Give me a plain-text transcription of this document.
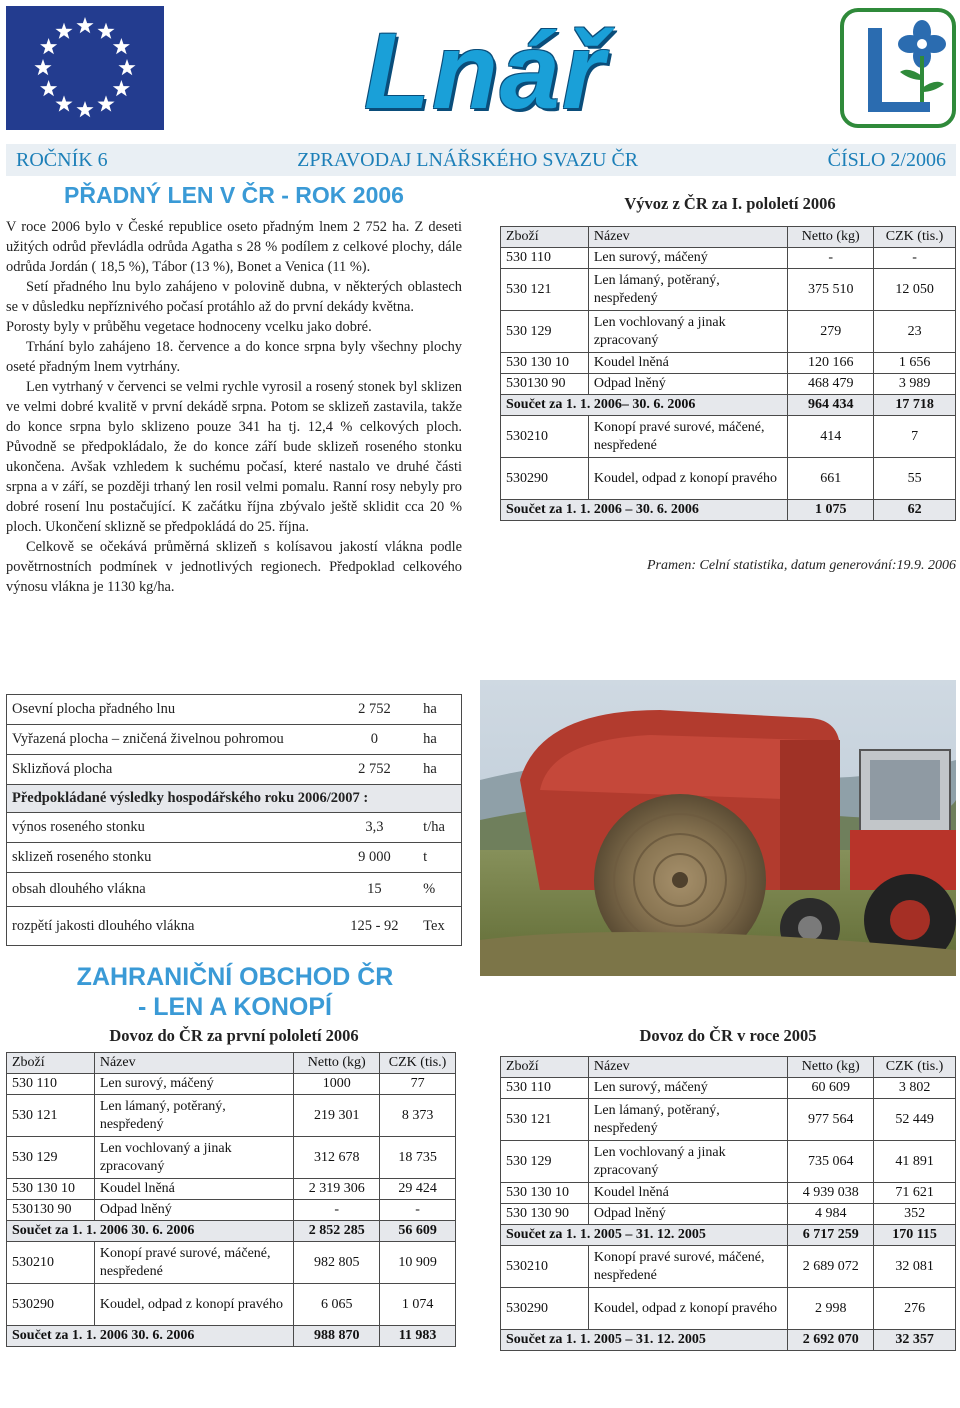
Lnář
ROČNÍK 6	ZPRAVODAJ LNÁŘSKÉHO SVAZU ČR	ČÍSLO 2/2006
PŘADNÝ LEN V ČR - ROK 2006

V roce 2006 bylo v České republice oseto přadným lnem 2 752 ha. Z deseti užitých odrůd převládla odrůda Agatha s 28 % podílem z celkové plochy, dále odrůda Jordán ( 18,5 %), Tábor (13 %), Bonet a Venica (11 %).

Setí přadného lnu bylo zahájeno v polovině dubna, v některých oblastech se v důsledku nepříznivého počasí protáhlo až do první dekády května.

Porosty byly v průběhu vegetace hodnoceny vcelku jako dobré.

Trhání bylo zahájeno 18. července a do konce srpna byly všechny plochy oseté přadným lnem vytrhány.

Len vytrhaný v červenci se velmi rychle vyrosil a rosený stonek byl sklizen ve velmi dobré kvalitě v první dekádě srpna. Potom se sklizeň zastavila, takže do konce srpna bylo sklizeno pouze 341 ha tj. 12,4 % celkových ploch. Původně se předpokládalo, že do konce září bude sklizeň roseného stonku ukončena. Avšak vzhledem k suchému počasí, které nastalo ve druhé části srpna a v září, se později trhaný len rosil velmi pomalu. Ranní rosy nebyly pro dobré rosení lnu postačující. K začátku října zbývalo ještě sklidit cca 20 % ploch. Ukončení sklizně se předpokládá do 25. října.

Celkově se očekává průměrná sklizeň s kolísavou jakostí vlákna podle povětrnostních podmínek v jednotlivých regionech. Předpoklad celkového výnosu vlákna je 1130 kg/ha.

Vývoz z ČR za I. pololetí 2006
Zboží	Název	Netto (kg)	CZK (tis.)
530 110	Len surový, máčený	-	-
530 121	Len lámaný, potěraný, nespředený	375 510	12 050
530 129	Len vochlovaný a jinak zpracovaný	279	23
530 130 10	Koudel lněná	120 166	1 656
530130 90	Odpad lněný	468 479	3 989
Součet za 1. 1. 2006– 30. 6. 2006		964 434	17 718
530210	Konopí pravé surové, máčené, nespředené	414	7
530290	Koudel, odpad z konopí pravého	661	55
Součet za 1. 1. 2006 – 30. 6. 2006		1 075	62
Pramen: Celní statistika, datum generování:19.9. 2006
Osevní plocha přadného lnu	2 752	ha
Vyřazená plocha – zničená živelnou pohromou	0	ha
Sklizňová plocha	2 752	ha
Předpokládané výsledky hospodářského roku 2006/2007 :
výnos roseného stonku	3,3	t/ha
sklizeň roseného stonku	9 000	t
obsah dlouhého vlákna	15	%
rozpětí jakosti dlouhého vlákna	125 - 92	Tex
ZAHRANIČNÍ OBCHOD ČR
- LEN A KONOPÍ
Dovoz do ČR za první pololetí 2006
Zboží	Název	Netto (kg)	CZK (tis.)
530 110	Len surový, máčený	1000	77
530 121	Len lámaný, potěraný, nespředený	219 301	8 373
530 129	Len vochlovaný a jinak zpracovaný	312 678	18 735
530 130 10	Koudel lněná	2 319 306	29 424
530130 90	Odpad lněný	-	-
Součet za 1. 1. 2006 30. 6. 2006		2 852 285	56 609
530210	Konopí pravé surové, máčené, nespředené	982 805	10 909
530290	Koudel, odpad z konopí pravého	6 065	1 074
Součet za 1. 1. 2006 30. 6. 2006		988 870	11 983
Dovoz do ČR v roce 2005
Zboží	Název	Netto (kg)	CZK (tis.)
530 110	Len surový, máčený	60 609	3 802
530 121	Len lámaný, potěraný, nespředený	977 564	52 449
530 129	Len vochlovaný a jinak zpracovaný	735 064	41 891
530 130 10	Koudel lněná	4 939 038	71 621
530 130 90	Odpad lněný	4 984	352
Součet za 1. 1. 2005 – 31. 12. 2005		6 717 259	170 115
530210	Konopí pravé surové, máčené, nespředené	2 689 072	32 081
530290	Koudel, odpad z konopí pravého	2 998	276
Součet za 1. 1. 2005 – 31. 12. 2005		2 692 070	32 357
